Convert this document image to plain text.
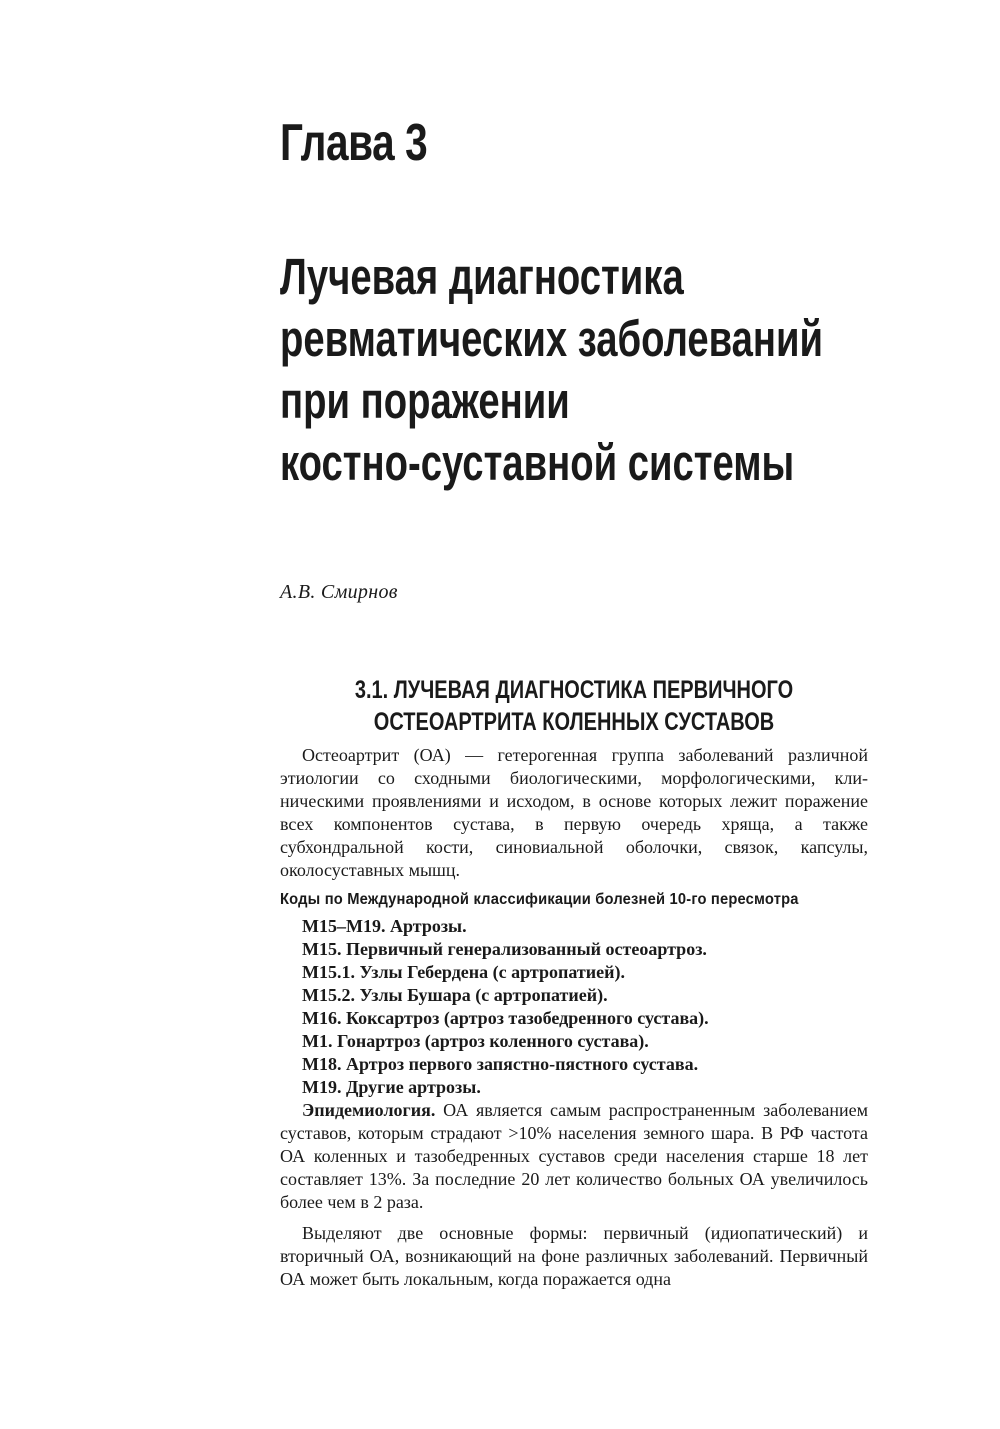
Глава 3
Лучевая диагностика
ревматических заболеваний
при поражении
костно-суставной системы

А.В. Смирнов

3.1. ЛУЧЕВАЯ ДИАГНОСТИКА ПЕРВИЧНОГО
ОСТЕОАРТРИТА КОЛЕННЫХ СУСТАВОВ

Остеоартрит (ОА) — гетерогенная группа заболеваний различной этиологии со сходными биологическими, морфологическими, клиническими проявлениями и исходом, в основе которых лежит поражение всех компонентов сустава, в первую очередь хряща, а также субхондральной кости, синовиальной оболочки, связок, капсулы, околосуставных мышц.

Коды по Международной классификации болезней 10-го пересмотра
М15–М19. Артрозы.
М15. Первичный генерализованный остеоартроз.
М15.1. Узлы Гебердена (с артропатией).
М15.2. Узлы Бушара (с артропатией).
М16. Коксартроз (артроз тазобедренного сустава).
М1. Гонартроз (артроз коленного сустава).
М18. Артроз первого запястно-пястного сустава.
М19. Другие артрозы.

Эпидемиология. ОА является самым распространенным заболеванием суставов, которым страдают >10% населения земного шара. В РФ частота ОА коленных и тазобедренных суставов среди населения старше 18 лет составляет 13%. За последние 20 лет количество больных ОА увеличилось более чем в 2 раза.

Выделяют две основные формы: первичный (идиопатический) и вторичный ОА, возникающий на фоне различных заболеваний. Первичный ОА может быть локальным, когда поражается одна
